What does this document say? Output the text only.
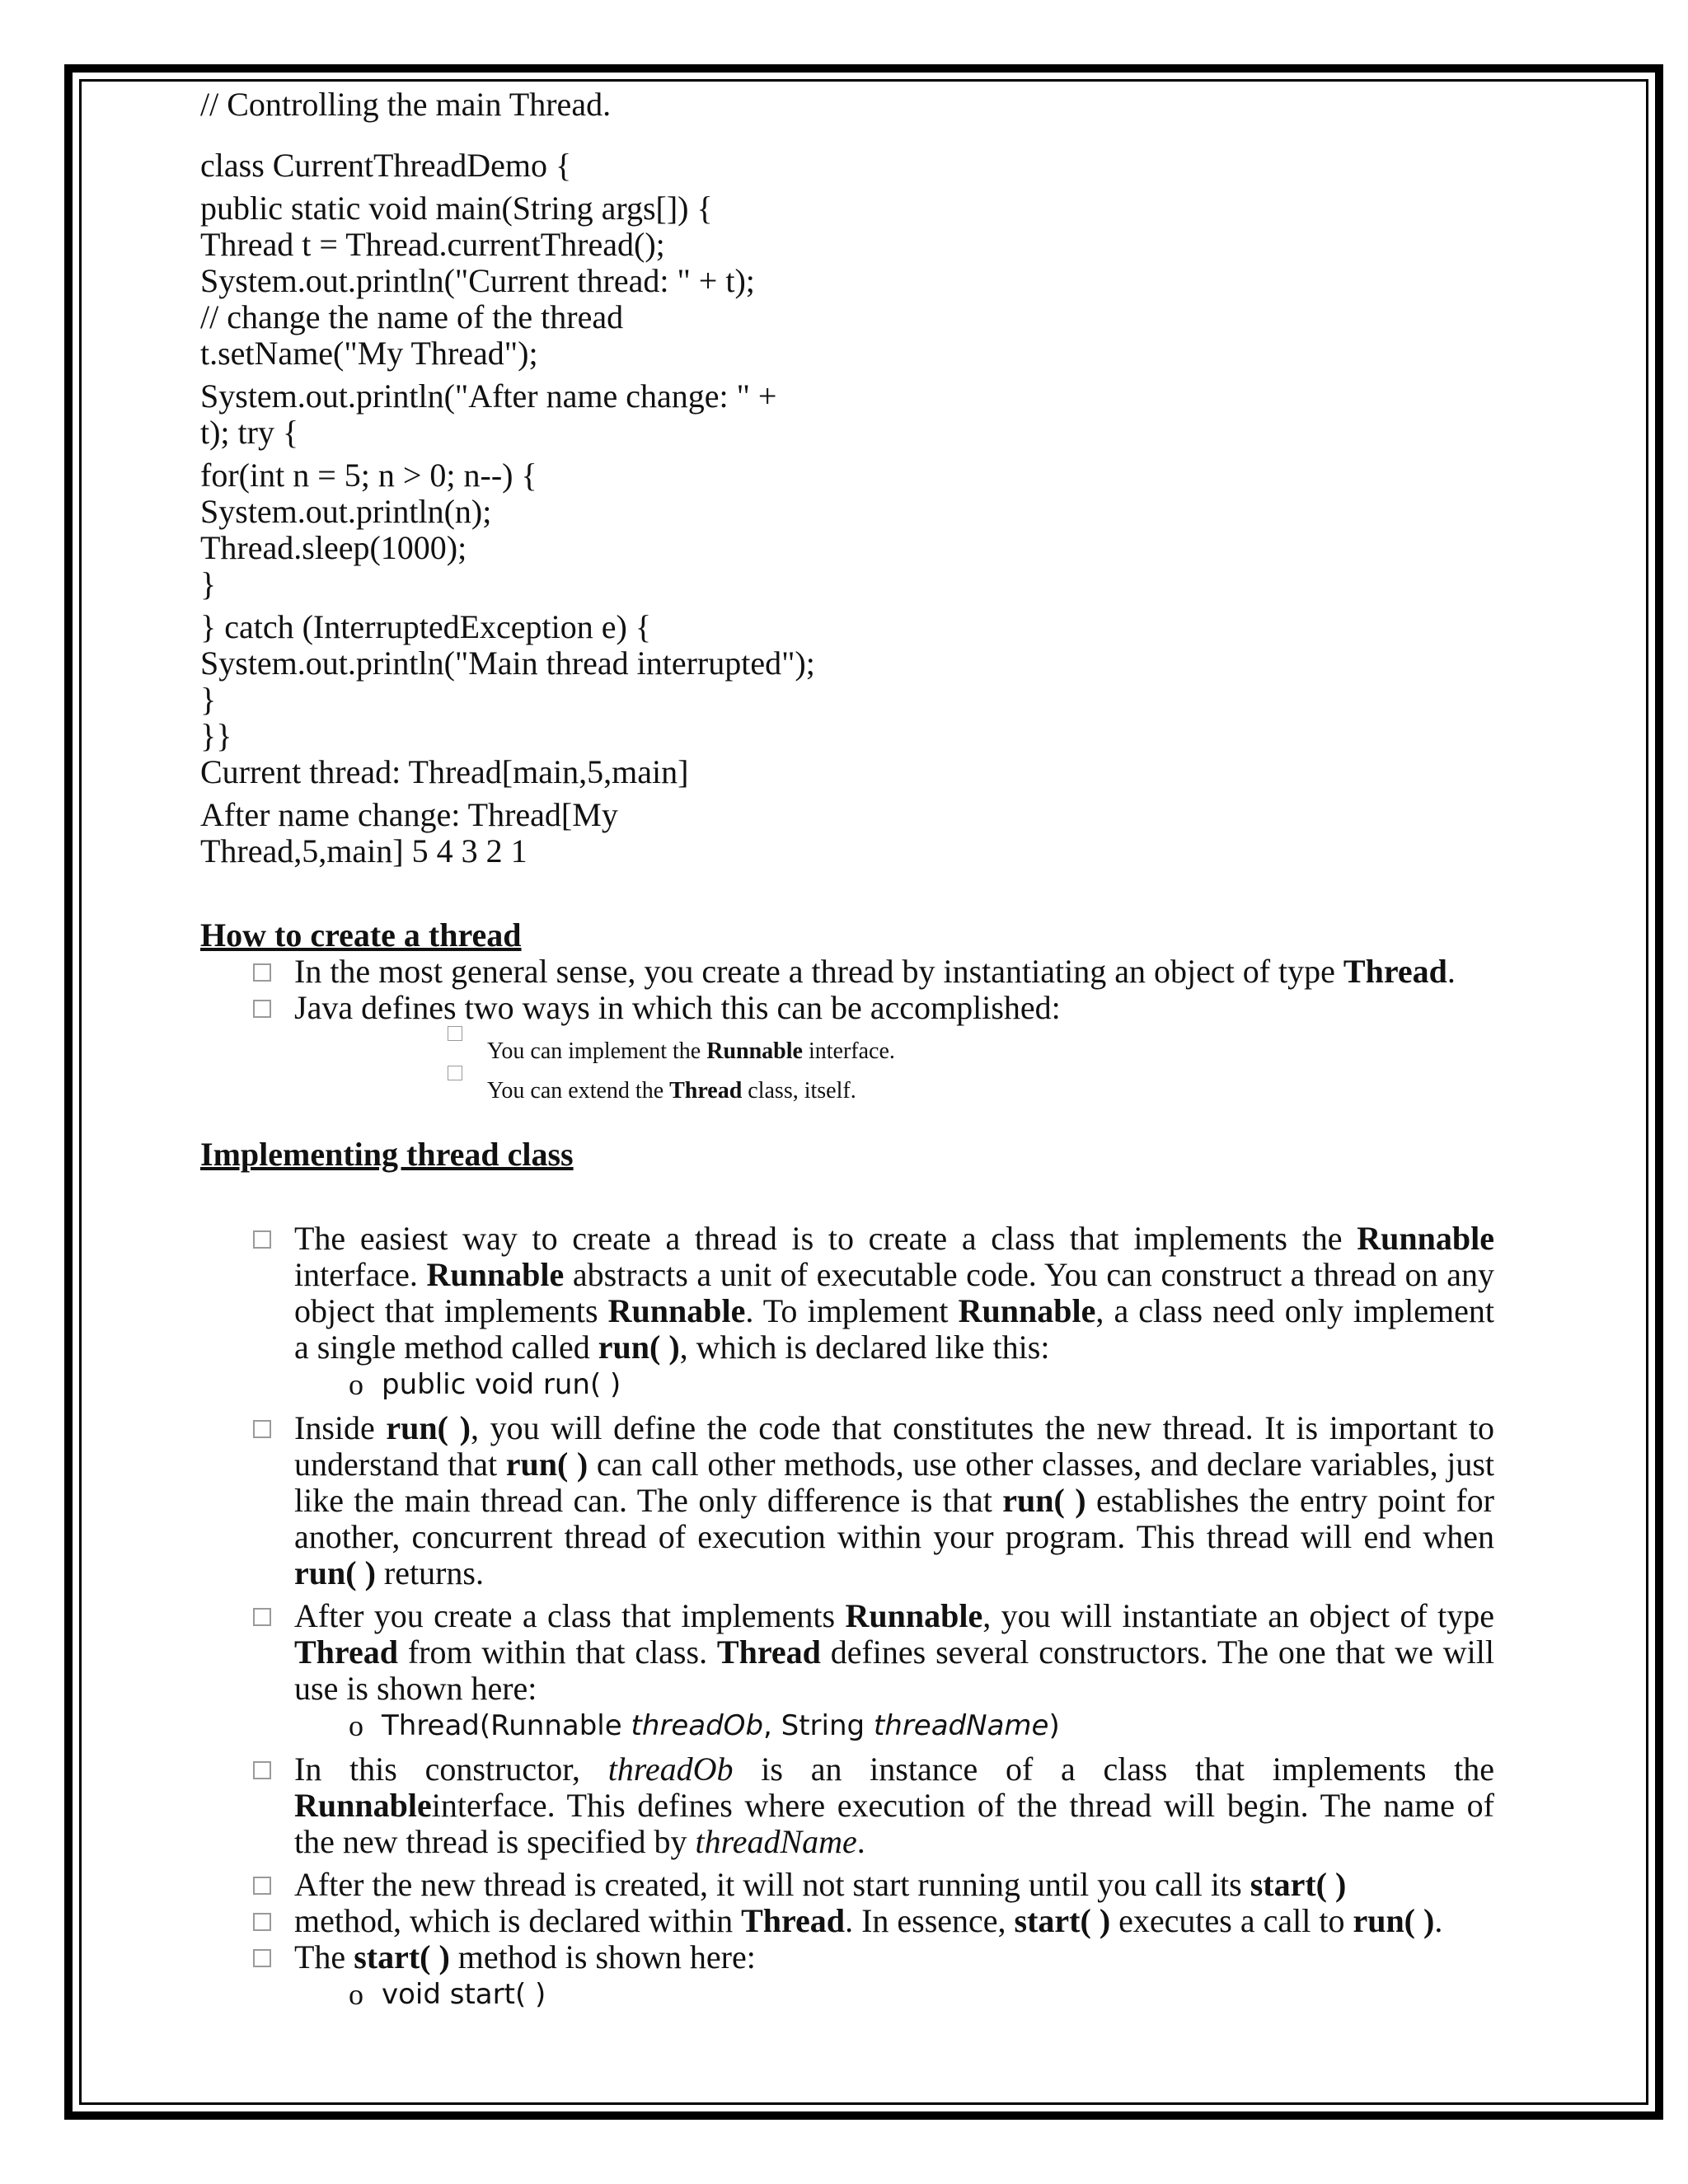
// Controlling the main Thread.
class CurrentThreadDemo {
public static void main(String args[]) {
Thread t = Thread.currentThread();
System.out.println("Current thread: " + t);
// change the name of the thread
t.setName("My Thread");
System.out.println("After name change: " +
t); try {
for(int n = 5; n > 0; n--) {
System.out.println(n);
Thread.sleep(1000);
}
} catch (InterruptedException e) {
System.out.println("Main thread interrupted");
}
}}
Current thread: Thread[main,5,main]
After name change: Thread[My
Thread,5,main] 5 4 3 2 1
How to create a thread
In the most general sense, you create a thread by instantiating an object of type Thread.
Java defines two ways in which this can be accomplished:
You can implement the Runnable interface.
You can extend the Thread class, itself.
Implementing thread class
The easiest way to create a thread is to create a class that implements the Runnable interface. Runnable abstracts a unit of executable code. You can construct a thread on any object that implements Runnable. To implement Runnable, a class need only implement a single method called run( ), which is declared like this:
o public void run( )
Inside run( ), you will define the code that constitutes the new thread. It is important to understand that run( ) can call other methods, use other classes, and declare variables, just like the main thread can. The only difference is that run( ) establishes the entry point for another, concurrent thread of execution within your program. This thread will end when run( ) returns.
After you create a class that implements Runnable, you will instantiate an object of type Thread from within that class. Thread defines several constructors. The one that we will use is shown here:
o Thread(Runnable threadOb, String threadName)
In this constructor, threadOb is an instance of a class that implements the Runnableinterface. This defines where execution of the thread will begin. The name of the new thread is specified by threadName.
After the new thread is created, it will not start running until you call its start( )
method, which is declared within Thread. In essence, start( ) executes a call to run( ).
The start( ) method is shown here:
o void start( )
